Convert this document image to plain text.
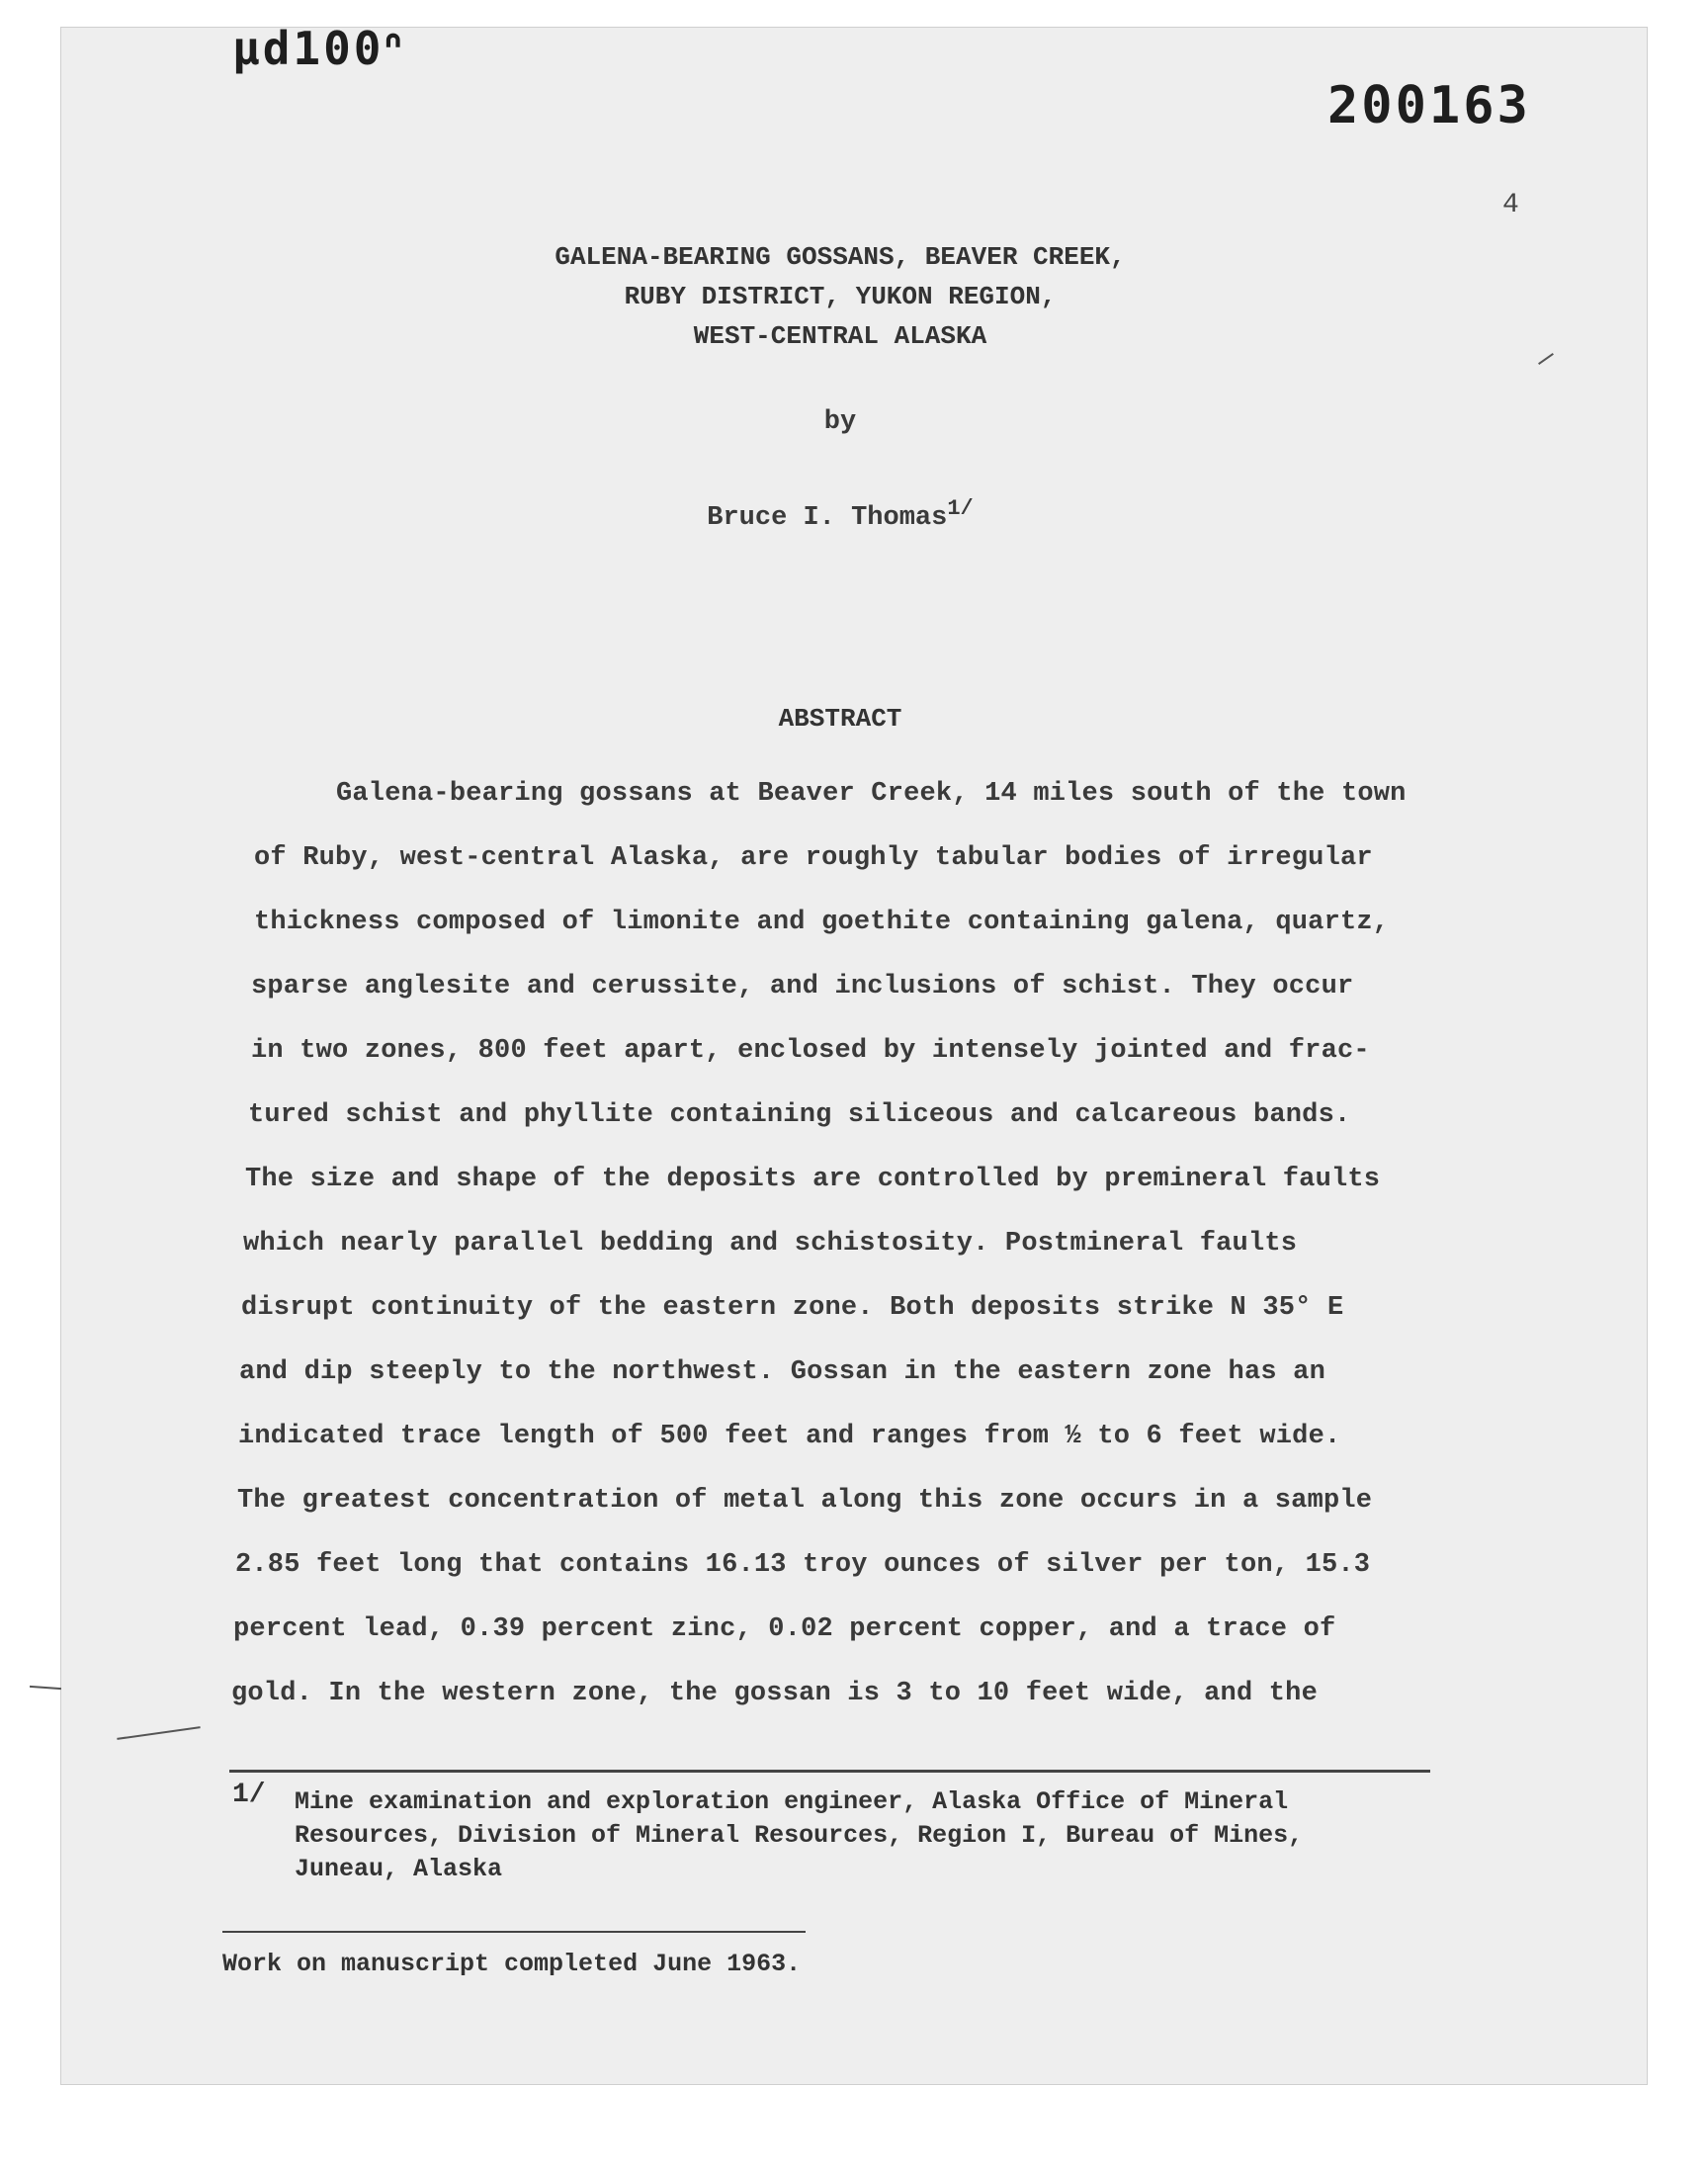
µd100ᐢ
200163
4
GALENA-BEARING GOSSANS, BEAVER CREEK,
RUBY DISTRICT, YUKON REGION,
WEST-CENTRAL ALASKA
by
Bruce I. Thomas$^{1/}$
ABSTRACT
Galena-bearing gossans at Beaver Creek, 14 miles south of the town
of Ruby, west-central Alaska, are roughly tabular bodies of irregular
thickness composed of limonite and goethite containing galena, quartz,
sparse anglesite and cerussite, and inclusions of schist. They occur
in two zones, 800 feet apart, enclosed by intensely jointed and frac-
tured schist and phyllite containing siliceous and calcareous bands.
The size and shape of the deposits are controlled by premineral faults
which nearly parallel bedding and schistosity. Postmineral faults
disrupt continuity of the eastern zone. Both deposits strike N 35° E
and dip steeply to the northwest. Gossan in the eastern zone has an
indicated trace length of 500 feet and ranges from ½ to 6 feet wide.
The greatest concentration of metal along this zone occurs in a sample
2.85 feet long that contains 16.13 troy ounces of silver per ton, 15.3
percent lead, 0.39 percent zinc, 0.02 percent copper, and a trace of
gold. In the western zone, the gossan is 3 to 10 feet wide, and the
1/ Mine examination and exploration engineer, Alaska Office of Mineral
Resources, Division of Mineral Resources, Region I, Bureau of Mines,
Juneau, Alaska
Work on manuscript completed June 1963.
